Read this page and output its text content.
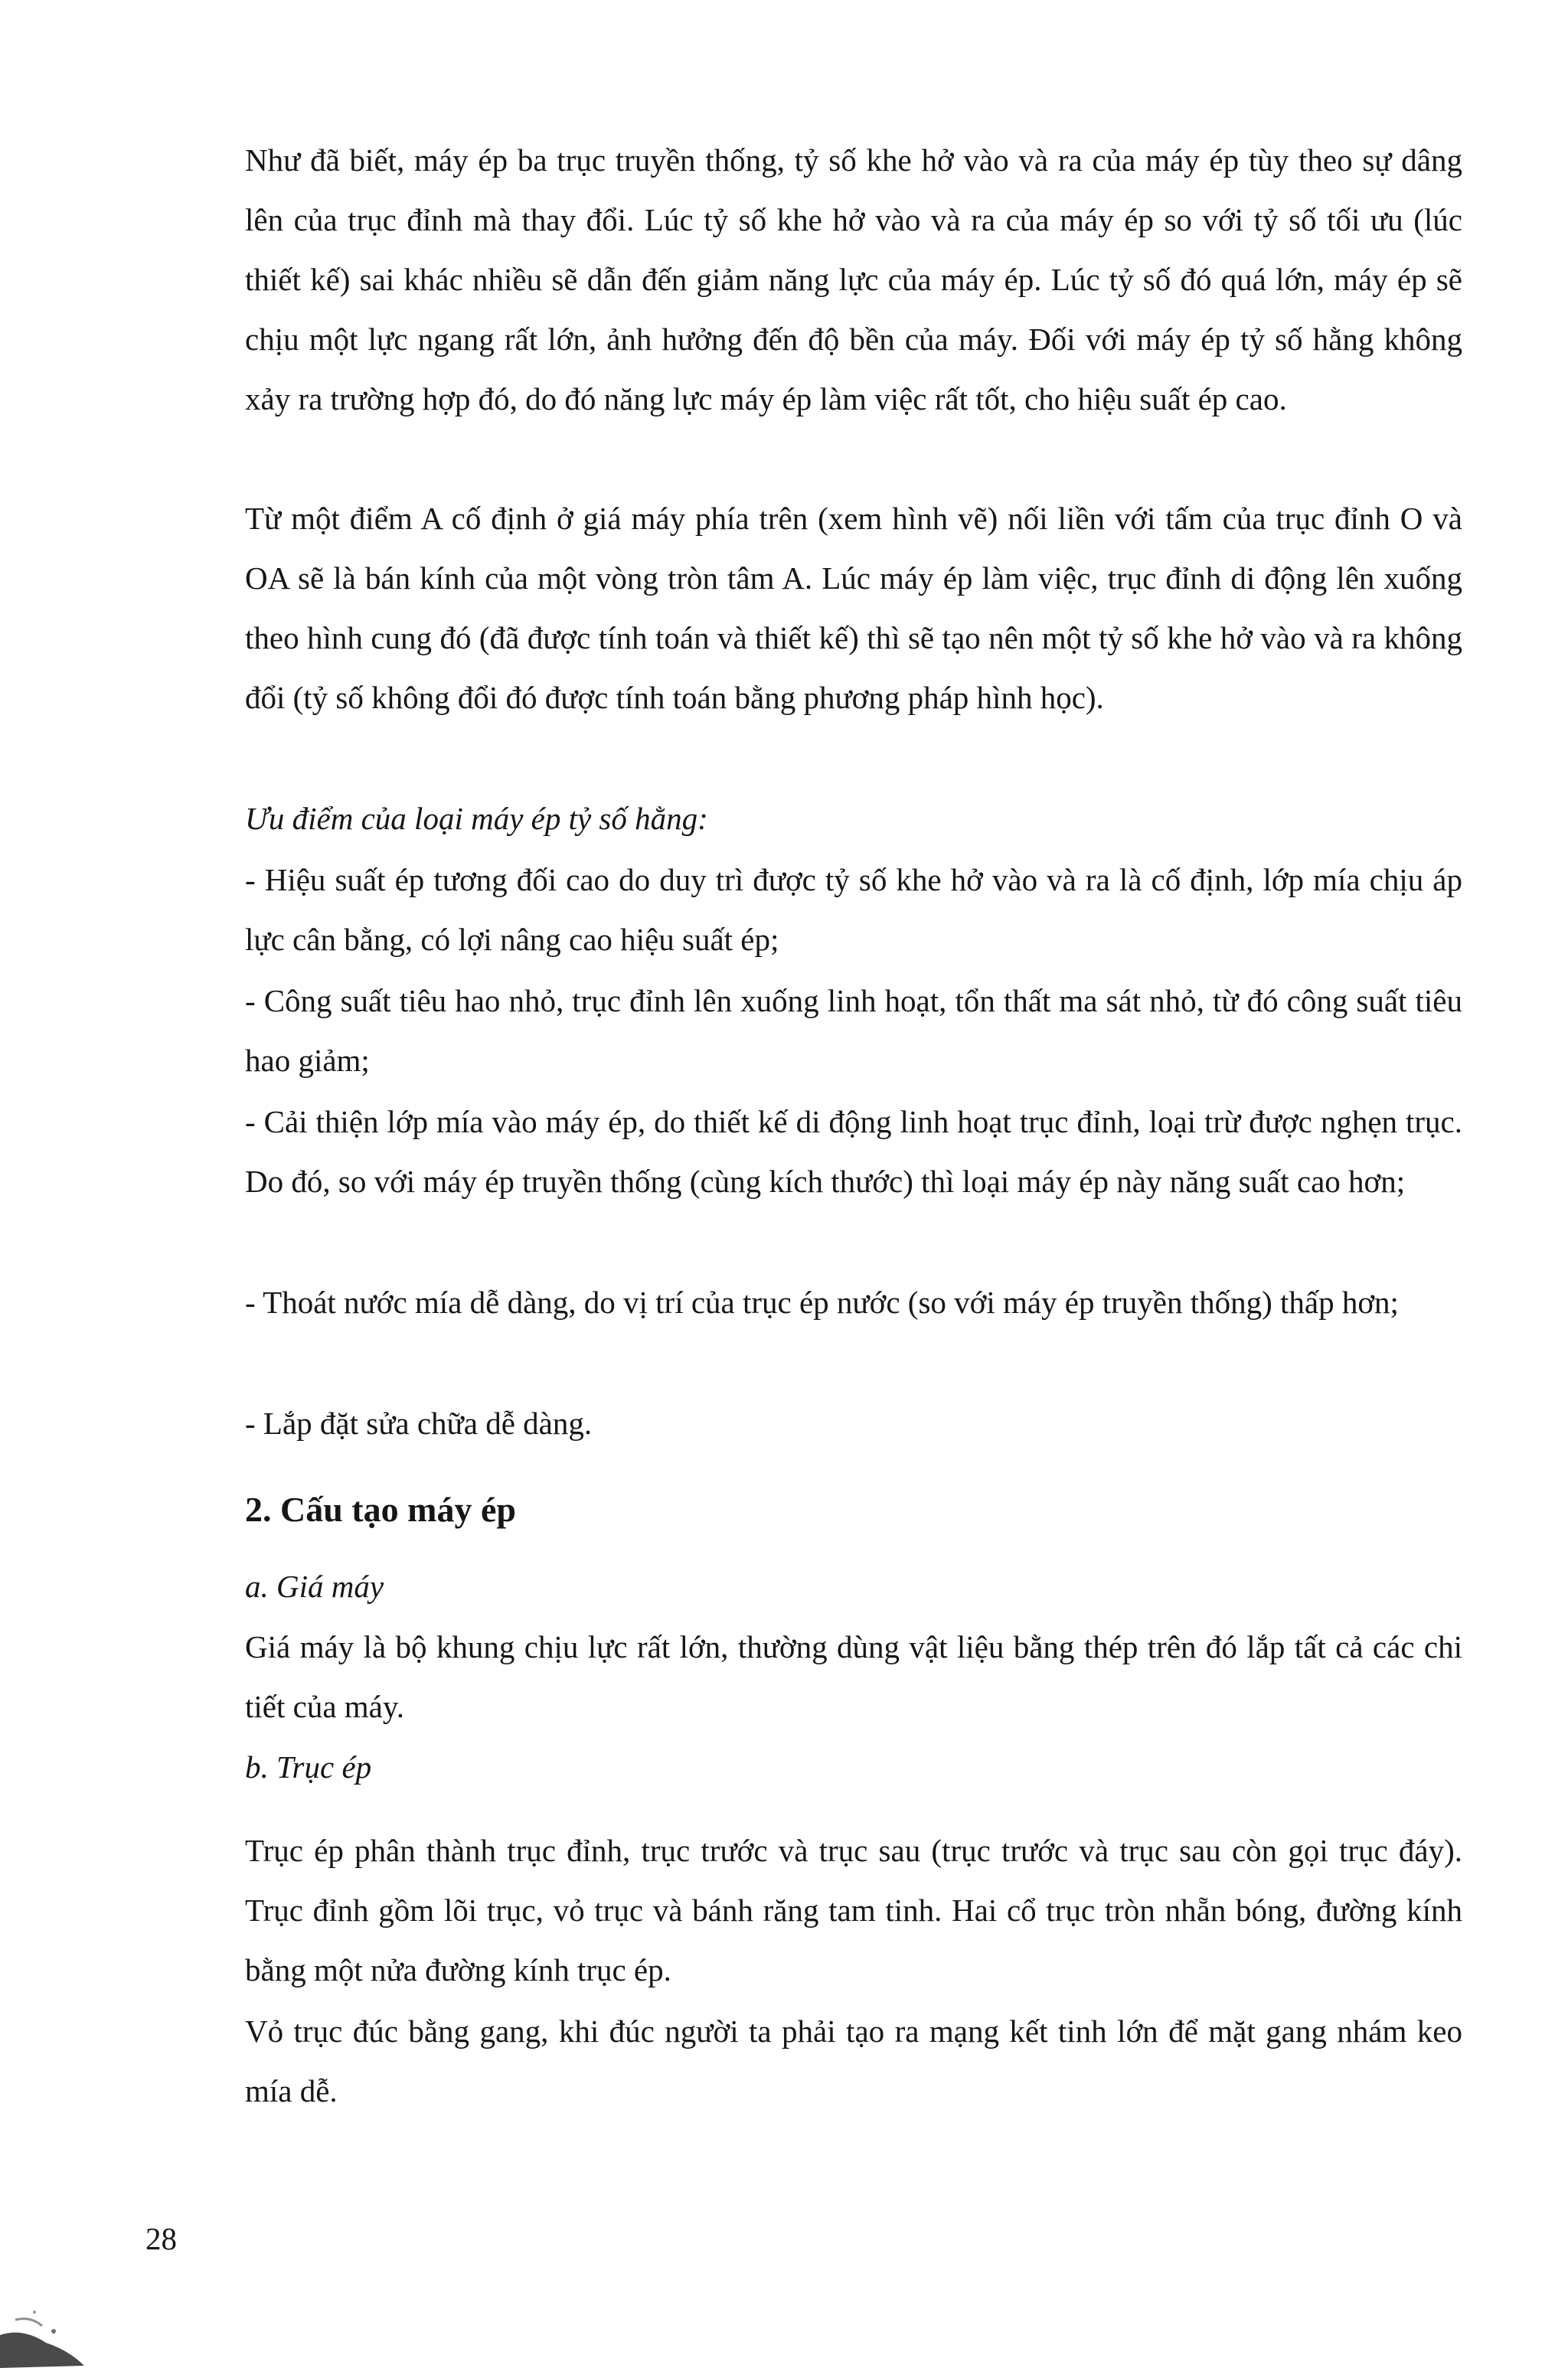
Như đã biết, máy ép ba trục truyền thống, tỷ số khe hở vào và ra của máy ép tùy theo sự dâng lên của trục đỉnh mà thay đổi. Lúc tỷ số khe hở vào và ra của máy ép so với tỷ số tối ưu (lúc thiết kế) sai khác nhiều sẽ dẫn đến giảm năng lực của máy ép. Lúc tỷ số đó quá lớn, máy ép sẽ chịu một lực ngang rất lớn, ảnh hưởng đến độ bền của máy. Đối với máy ép tỷ số hằng không xảy ra trường hợp đó, do đó năng lực máy ép làm việc rất tốt, cho hiệu suất ép cao.

Từ một điểm A cố định ở giá máy phía trên (xem hình vẽ) nối liền với tấm của trục đỉnh O và OA sẽ là bán kính của một vòng tròn tâm A. Lúc máy ép làm việc, trục đỉnh di động lên xuống theo hình cung đó (đã được tính toán và thiết kế) thì sẽ tạo nên một tỷ số khe hở vào và ra không đổi (tỷ số không đổi đó được tính toán bằng phương pháp hình học).

Ưu điểm của loại máy ép tỷ số hằng:

- Hiệu suất ép tương đối cao do duy trì được tỷ số khe hở vào và ra là cố định, lớp mía chịu áp lực cân bằng, có lợi nâng cao hiệu suất ép;

- Công suất tiêu hao nhỏ, trục đỉnh lên xuống linh hoạt, tổn thất ma sát nhỏ, từ đó công suất tiêu hao giảm;

- Cải thiện lớp mía vào máy ép, do thiết kế di động linh hoạt trục đỉnh, loại trừ được nghẹn trục. Do đó, so với máy ép truyền thống (cùng kích thước) thì loại máy ép này năng suất cao hơn;

- Thoát nước mía dễ dàng, do vị trí của trục ép nước (so với máy ép truyền thống) thấp hơn;

- Lắp đặt sửa chữa dễ dàng.

2. Cấu tạo máy ép

a. Giá máy

Giá máy là bộ khung chịu lực rất lớn, thường dùng vật liệu bằng thép trên đó lắp tất cả các chi tiết của máy.

b. Trục ép

Trục ép phân thành trục đỉnh, trục trước và trục sau (trục trước và trục sau còn gọi trục đáy). Trục đỉnh gồm lõi trục, vỏ trục và bánh răng tam tinh. Hai cổ trục tròn nhẵn bóng, đường kính bằng một nửa đường kính trục ép.

Vỏ trục đúc bằng gang, khi đúc người ta phải tạo ra mạng kết tinh lớn để mặt gang nhám keo mía dễ.

28
